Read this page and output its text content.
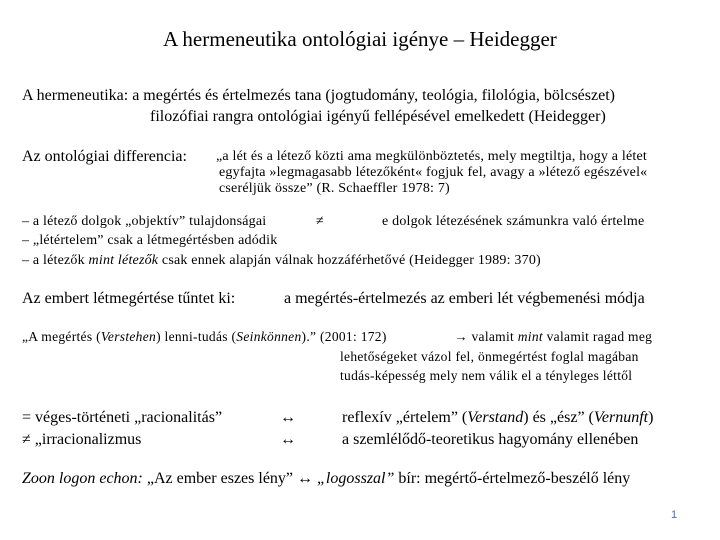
A hermeneutika ontológiai igénye – Heidegger
A hermeneutika: a megértés és értelmezés tana (jogtudomány, teológia, filológia, bölcsészet)
filozófiai rangra ontológiai igényű fellépésével emelkedett (Heidegger)
Az ontológiai differencia: „a lét és a létező közti ama megkülönböztetés, mely megtiltja, hogy a létet
egyfajta »legmagasabb létezőként« fogjuk fel, avagy a »létező egészével«
cseréljük össze” (R. Schaeffler 1978: 7)
– a létező dolgok „objektív” tulajdonságai	≠	e dolgok létezésének számunkra való értelme
– „létértelem” csak a létmegértésben adódik
– a létezők mint létezők csak ennek alapján válnak hozzáférhetővé (Heidegger 1989: 370)
Az embert létmegértése tűntet ki:	a megértés-értelmezés az emberi lét végbemenési módja
„A megértés (Verstehen) lenni-tudás (Seinkönnen).” (2001: 172)	→ valamit mint valamit ragad meg
lehetőségeket vázol fel, önmegértést foglal magában
tudás-képesség mely nem válik el a tényleges léttől
= véges-történeti „racionalitás”	↔	reflexív „értelem” (Verstand) és „ész” (Vernunft)
≠ „irracionalizmus	↔	a szemlélődő-teoretikus hagyomány ellenében
Zoon logon echon: „Az ember eszes lény” ↔ „logosszal” bír: megértő-értelmező-beszélő lény
1
